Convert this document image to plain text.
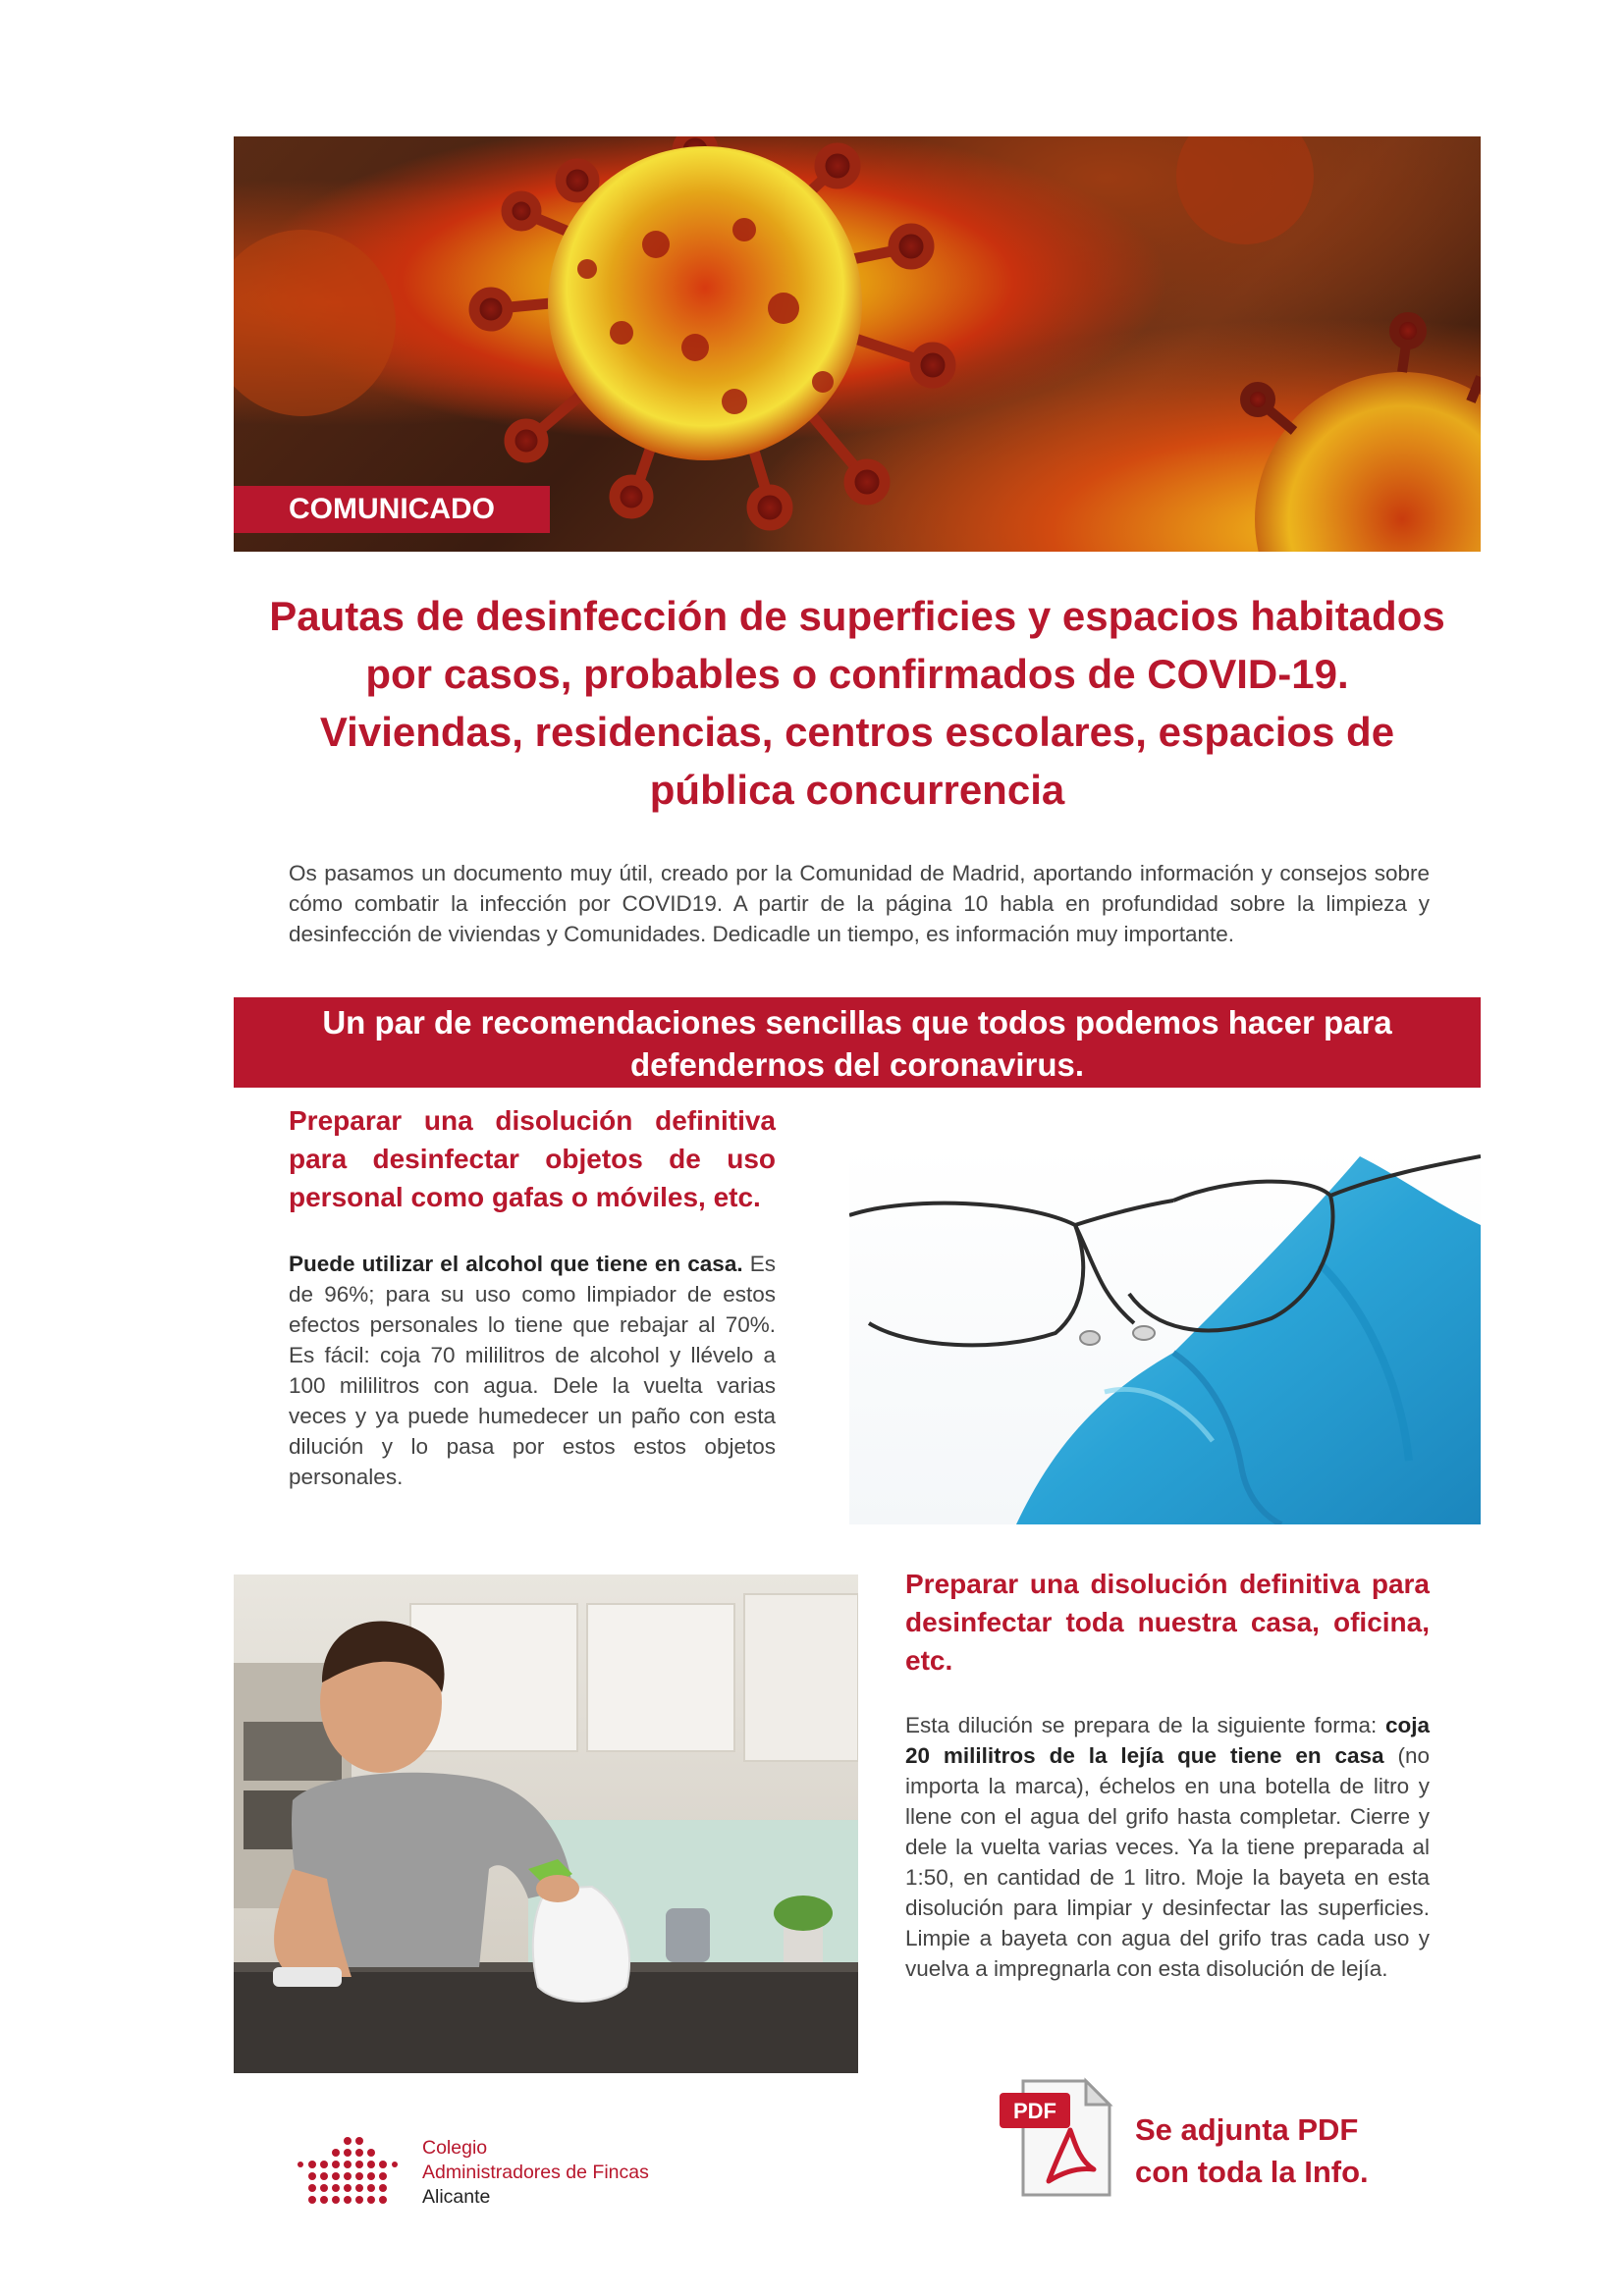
COMUNICADO
Pautas de desinfección de superficies y espacios habitados
por casos, probables o confirmados de COVID-19.
Viviendas, residencias, centros escolares, espacios de
pública concurrencia
Os pasamos un documento muy útil, creado por la Comunidad de Madrid, aportando información y consejos sobre cómo combatir la infección por COVID19. A partir de la página 10 habla en profundidad sobre la limpieza y desinfección de viviendas y Comunidades. Dedicadle un tiempo, es información muy importante.
Un par de recomendaciones sencillas que todos podemos hacer para
defendernos del coronavirus.
Preparar una disolución definitiva para desinfectar objetos de uso personal como gafas o móviles, etc.
Puede utilizar el alcohol que tiene en casa. Es de 96%; para su uso como limpiador de estos efectos personales lo tiene que rebajar al 70%. Es fácil: coja 70 mililitros de alcohol y llévelo a 100 mililitros con agua. Dele la vuelta varias veces y ya puede humedecer un paño con esta dilución y lo pasa por estos estos objetos personales.
Preparar una disolución definitiva para desinfectar toda nuestra casa, oficina, etc.
Esta dilución se prepara de la siguiente forma: coja 20 mililitros de la lejía que tiene en casa (no importa la marca), échelos en una botella de litro y llene con el agua del grifo hasta completar. Cierre y dele la vuelta varias veces. Ya la tiene preparada al 1:50, en cantidad de 1 litro. Moje la bayeta en esta disolución para limpiar y desinfectar las superficies. Limpie a bayeta con agua del grifo tras cada uso y vuelva a impregnarla con esta disolución de lejía.
Colegio
Administradores de Fincas
Alicante
PDF
Se adjunta PDF
con toda la Info.
